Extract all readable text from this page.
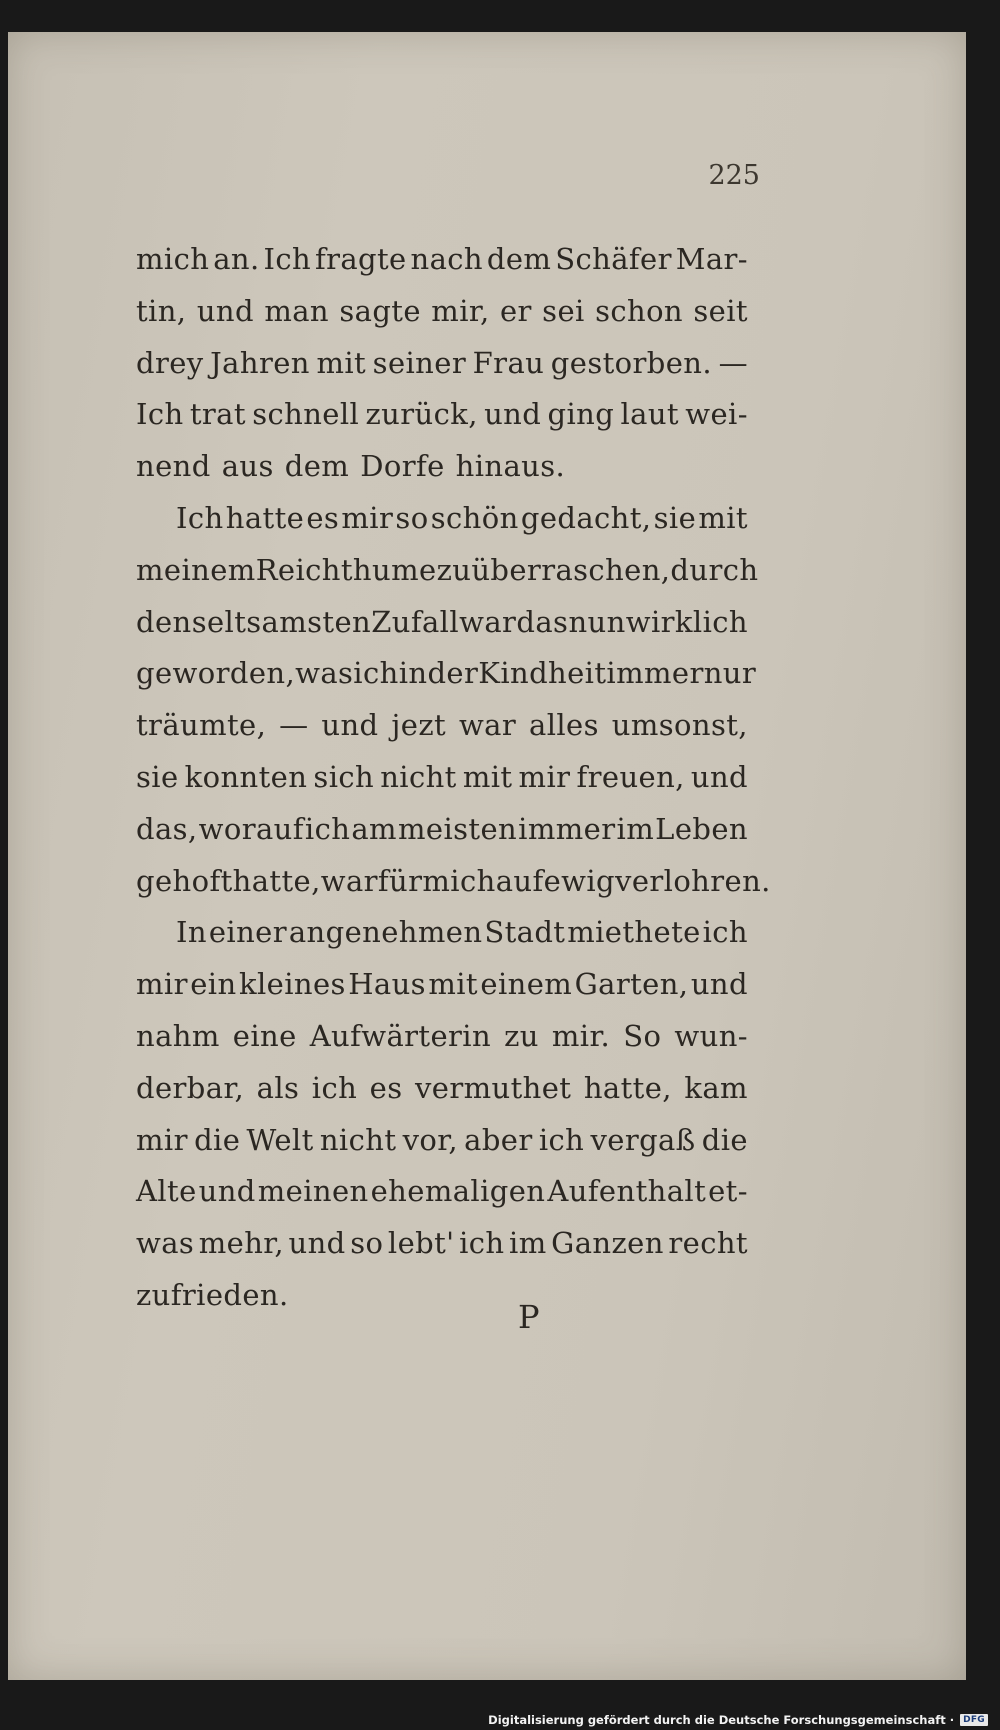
225
mich an. Ich fragte nach dem Schäfer Mar-
tin, und man sagte mir, er sei schon seit
drey Jahren mit seiner Frau gestorben. —
Ich trat schnell zurück, und ging laut wei-
nend aus dem Dorfe hinaus.
Ich hatte es mir so schön gedacht, sie mit
meinem Reichthume zu überraschen, durch
den seltsamsten Zufall war das nun wirklich
geworden, was ich in der Kindheit immer nur
träumte, — und jezt war alles umsonst,
sie konnten sich nicht mit mir freuen, und
das, worauf ich am meisten immer im Leben
gehoft hatte, war für mich auf ewig verlohren.
In einer angenehmen Stadt miethete ich
mir ein kleines Haus mit einem Garten, und
nahm eine Aufwärterin zu mir. So wun-
derbar, als ich es vermuthet hatte, kam
mir die Welt nicht vor, aber ich vergaß die
Alte und meinen ehemaligen Aufenthalt et-
was mehr, und so lebt' ich im Ganzen recht
zufrieden.
P
Digitalisierung gefördert durch die Deutsche Forschungsgemeinschaft ·	DFG
